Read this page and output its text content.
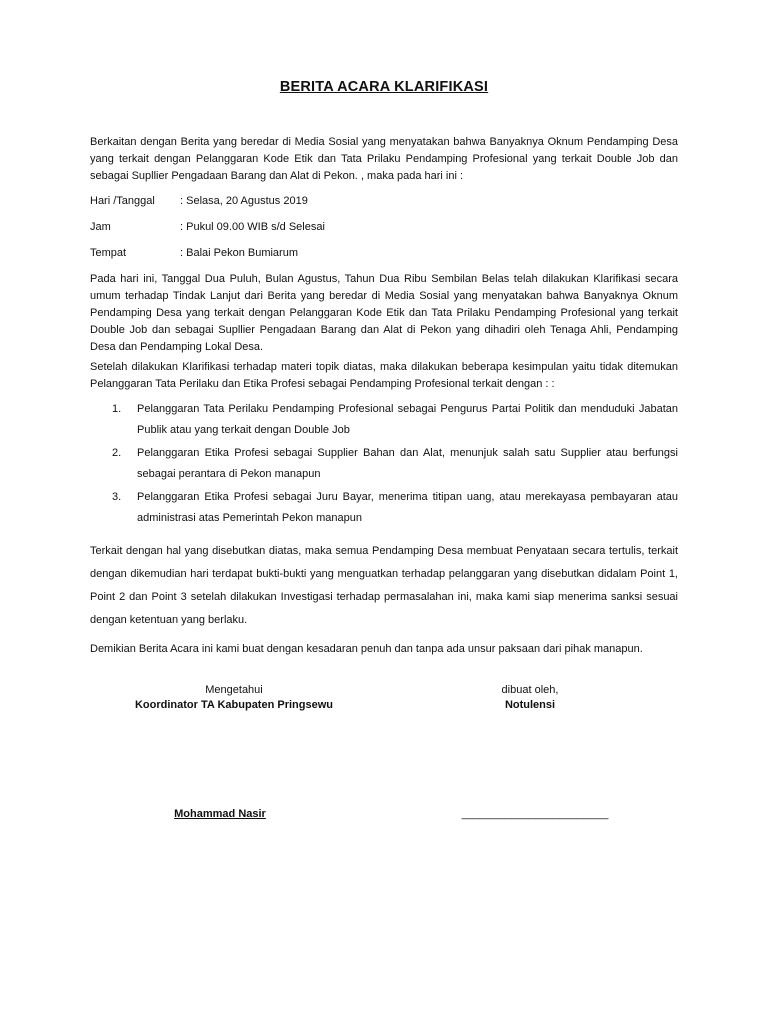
BERITA ACARA KLARIFIKASI

Berkaitan dengan Berita yang beredar di Media Sosial yang menyatakan bahwa Banyaknya Oknum Pendamping Desa yang terkait dengan Pelanggaran Kode Etik dan Tata Prilaku Pendamping Profesional yang terkait Double Job dan sebagai Supllier Pengadaan Barang dan Alat di Pekon. , maka pada hari ini :

Hari /Tanggal	: Selasa, 20 Agustus 2019
Jam	: Pukul 09.00 WIB s/d Selesai
Tempat	: Balai Pekon Bumiarum

Pada hari ini, Tanggal Dua Puluh, Bulan Agustus, Tahun Dua Ribu Sembilan Belas telah dilakukan Klarifikasi secara umum terhadap Tindak Lanjut dari Berita yang beredar di Media Sosial yang menyatakan bahwa Banyaknya Oknum Pendamping Desa yang terkait dengan Pelanggaran Kode Etik dan Tata Prilaku Pendamping Profesional yang terkait Double Job dan sebagai Supllier Pengadaan Barang dan Alat di Pekon yang dihadiri oleh Tenaga Ahli, Pendamping Desa dan Pendamping Lokal Desa.

Setelah dilakukan Klarifikasi terhadap materi topik diatas, maka dilakukan beberapa kesimpulan yaitu tidak ditemukan Pelanggaran Tata Perilaku dan Etika Profesi sebagai Pendamping Profesional terkait dengan : :

1. Pelanggaran Tata Perilaku Pendamping Profesional sebagai Pengurus Partai Politik dan menduduki Jabatan Publik atau yang terkait dengan Double Job
2. Pelanggaran Etika Profesi sebagai Supplier Bahan dan Alat, menunjuk salah satu Supplier atau berfungsi sebagai perantara di Pekon manapun
3. Pelanggaran Etika Profesi sebagai Juru Bayar, menerima titipan uang, atau merekayasa pembayaran atau administrasi atas Pemerintah Pekon manapun

Terkait dengan hal yang disebutkan diatas, maka semua Pendamping Desa membuat Penyataan secara tertulis, terkait dengan dikemudian hari terdapat bukti-bukti yang menguatkan terhadap pelanggaran yang disebutkan didalam Point 1, Point 2 dan Point 3 setelah dilakukan Investigasi terhadap permasalahan ini, maka kami siap menerima sanksi sesuai dengan ketentuan yang berlaku.

Demikian Berita Acara ini kami buat dengan kesadaran penuh dan tanpa ada unsur paksaan dari pihak manapun.

Mengetahui
Koordinator TA Kabupaten Pringsewu
Mohammad Nasir
dibuat oleh,
Notulensi
________________________
